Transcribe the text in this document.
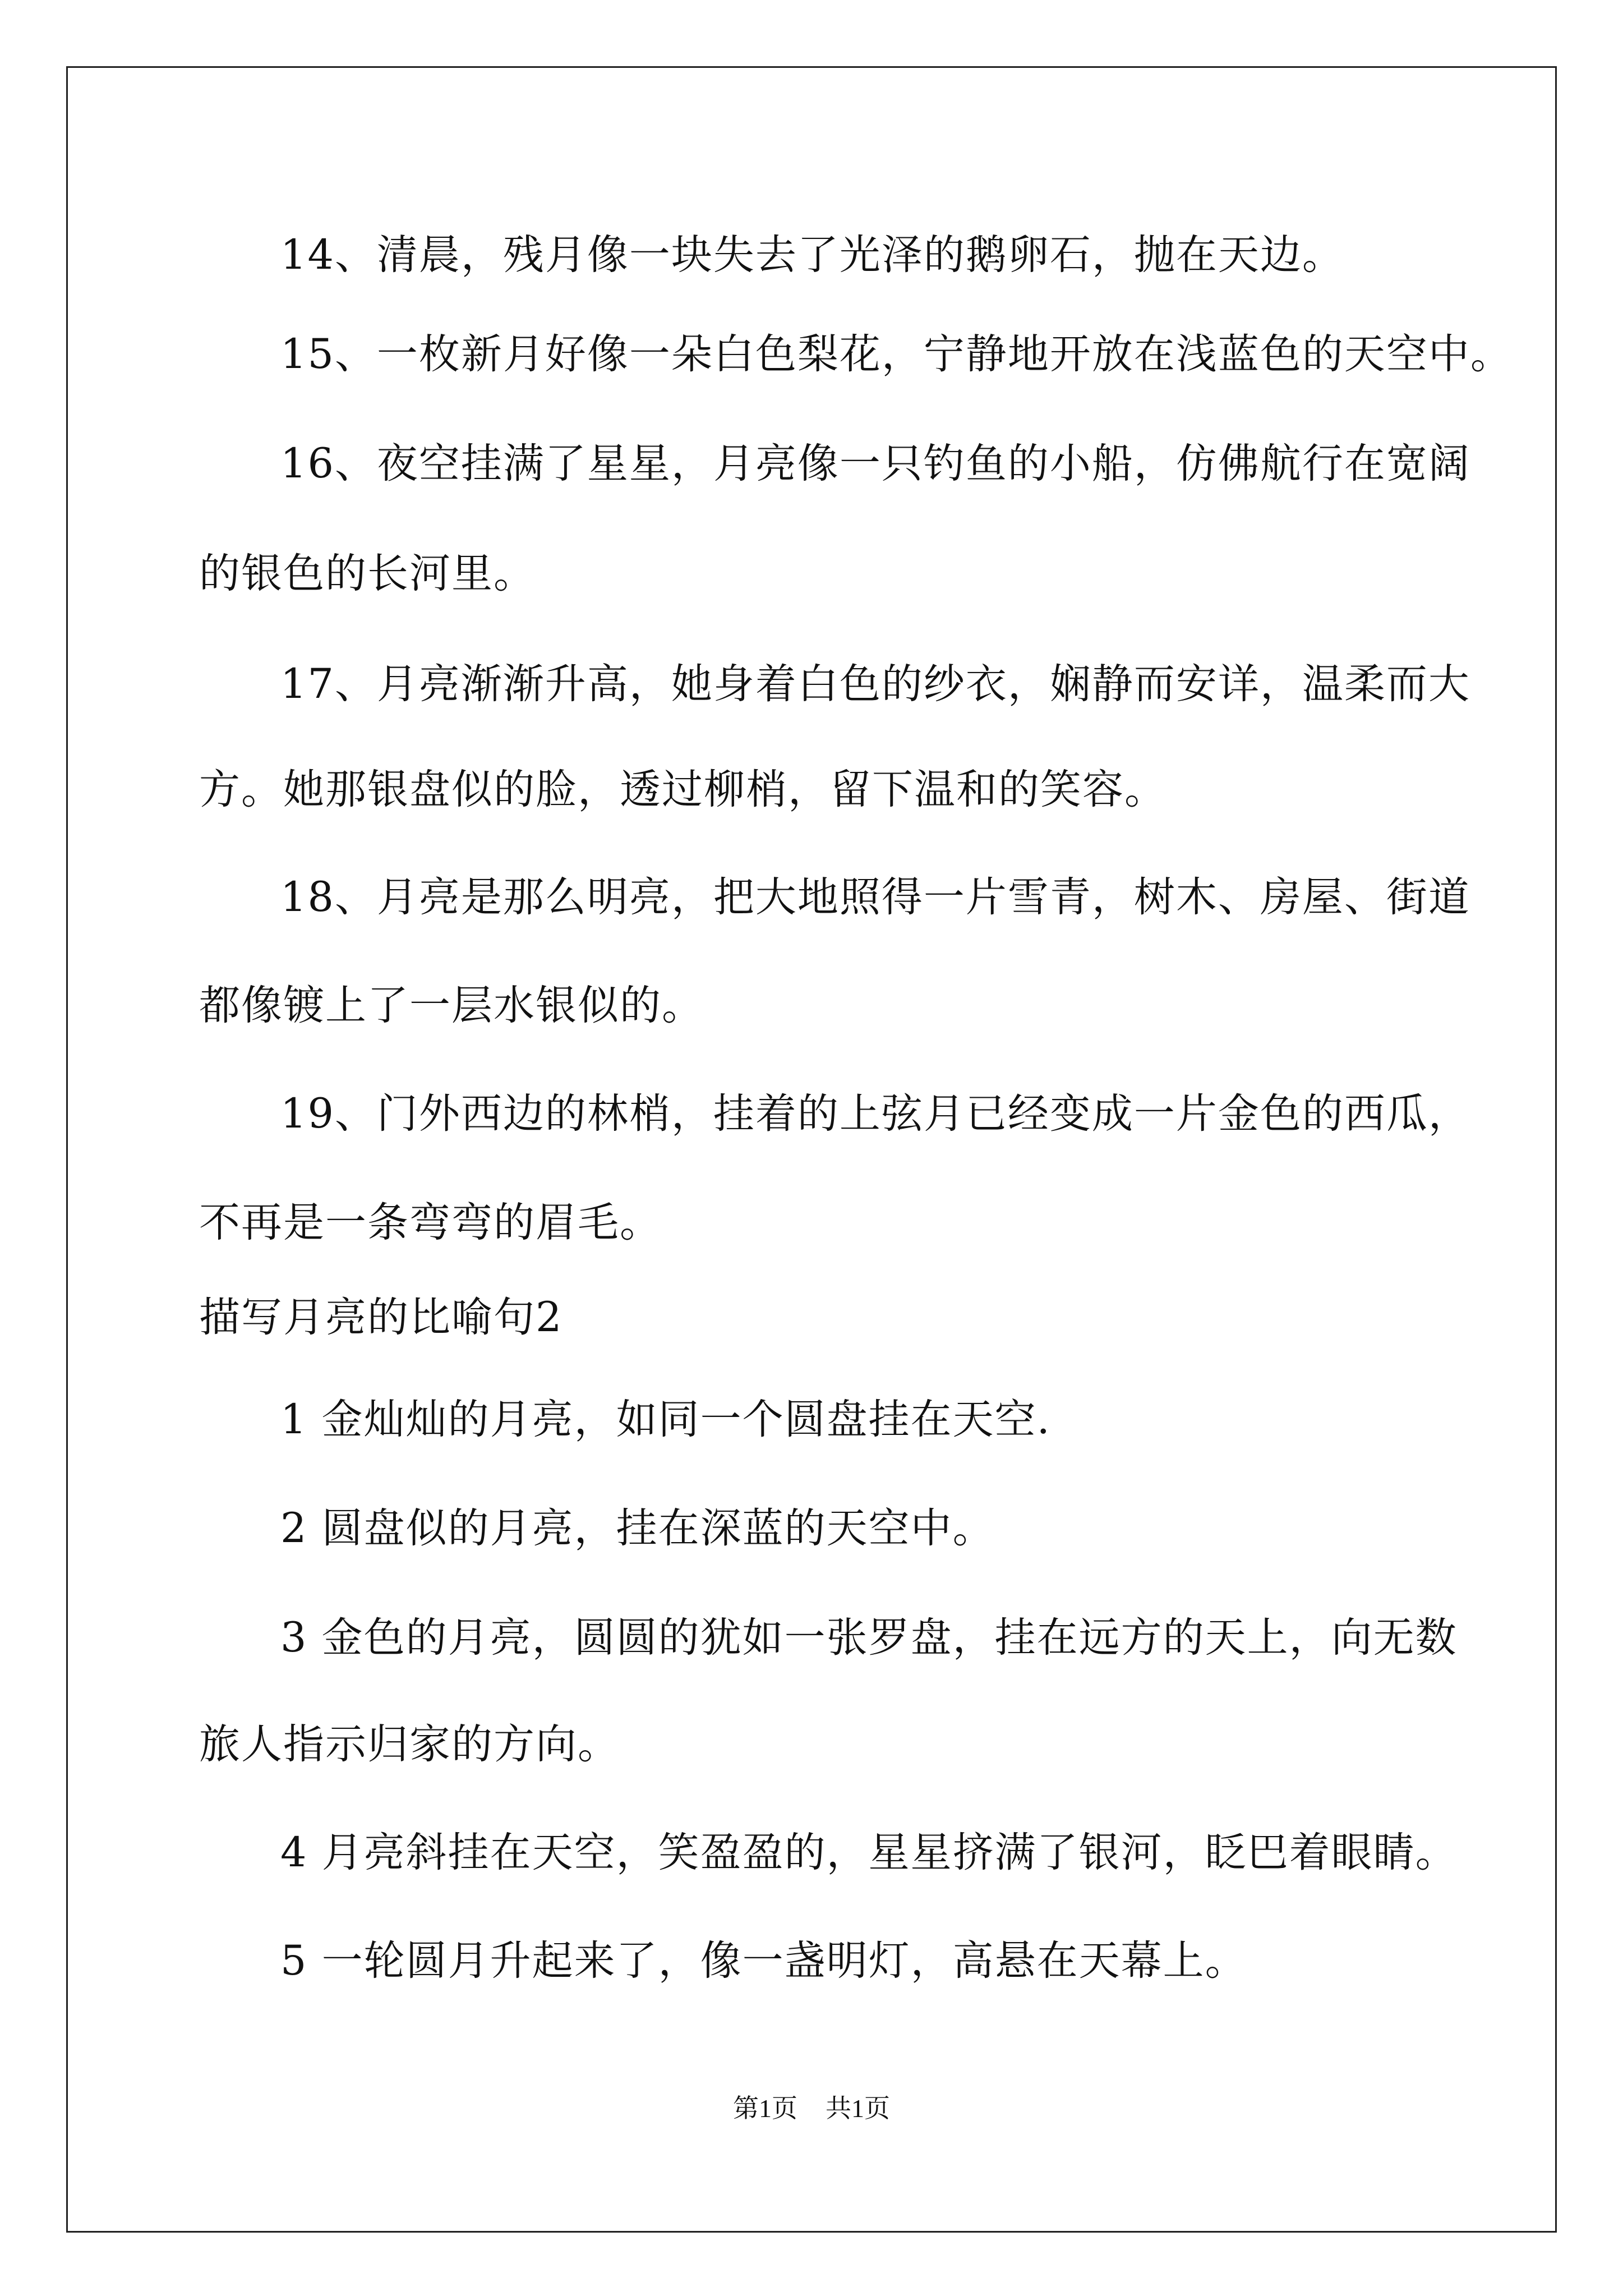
14、清晨，残月像一块失去了光泽的鹅卵石，抛在天边。
15、一枚新月好像一朵白色梨花，宁静地开放在浅蓝色的天空中。
16、夜空挂满了星星，月亮像一只钓鱼的小船，仿佛航行在宽阔
的银色的长河里。
17、月亮渐渐升高，她身着白色的纱衣，娴静而安详，温柔而大
方。她那银盘似的脸，透过柳梢，留下温和的笑容。
18、月亮是那么明亮，把大地照得一片雪青，树木、房屋、街道
都像镀上了一层水银似的。
19、门外西边的林梢，挂着的上弦月已经变成一片金色的西瓜，
不再是一条弯弯的眉毛。
描写月亮的比喻句2
1 金灿灿的月亮，如同一个圆盘挂在天空.
2 圆盘似的月亮，挂在深蓝的天空中。
3 金色的月亮，圆圆的犹如一张罗盘，挂在远方的天上，向无数
旅人指示归家的方向。
4 月亮斜挂在天空，笑盈盈的，星星挤满了银河，眨巴着眼睛。
5 一轮圆月升起来了，像一盏明灯，高悬在天幕上。
第1页 共1页
